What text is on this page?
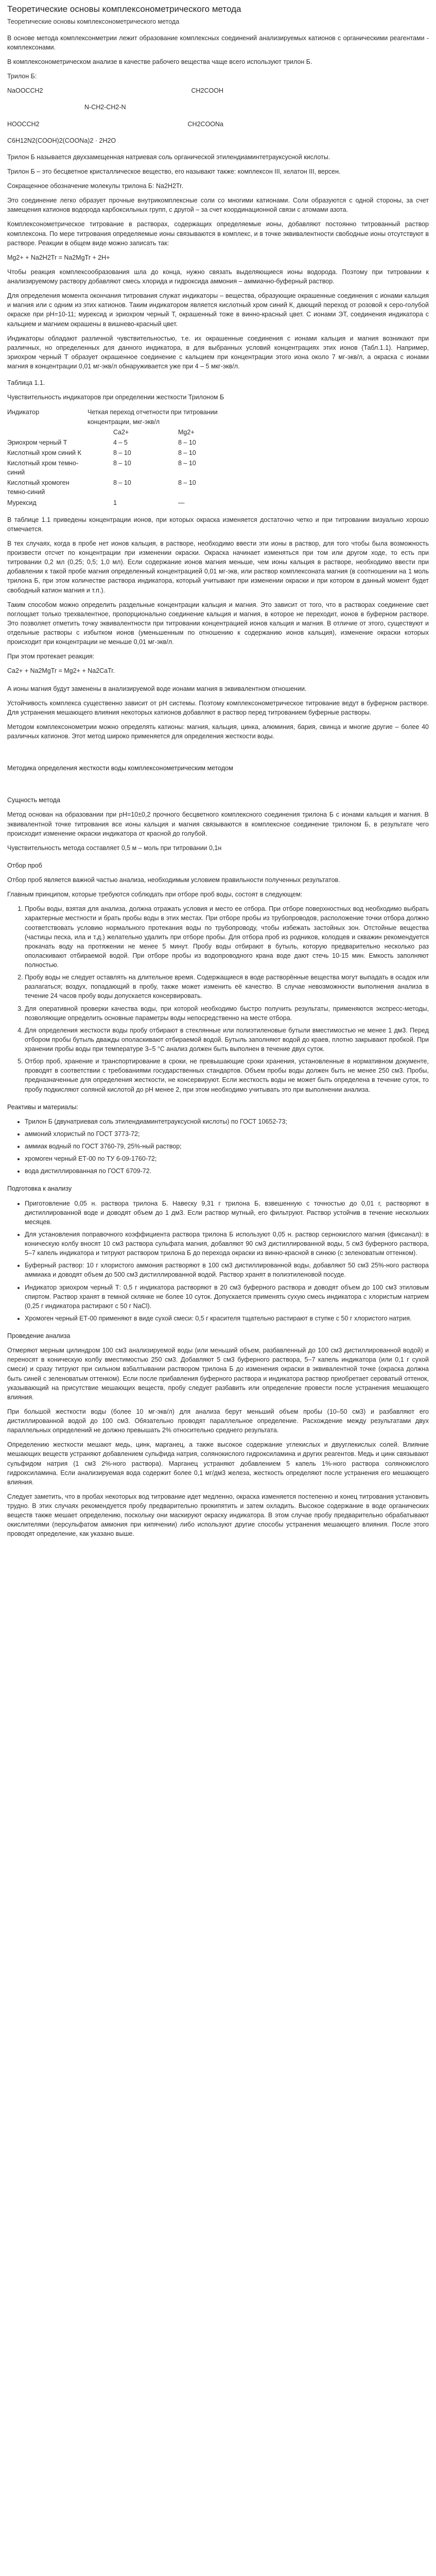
Теоретические основы комплексонометрического метода
Теоретические основы комплексонометрического метода

В основе метода комплексонметрии лежит образование комплексных соединений анализируемых катионов с органическими реагентами - комплексонами.

В комплексонометрическом анализе в качестве рабочего вещества чаще всего используют трилон Б.

Трилон Б:

NaOOCCH2	CH2COOH
N-CH2-CH2-N
HOOCCH2	CH2COONa
C6H12N2(COOH)2(COONa)2 · 2H2O

Трилон Б называется двухзамещенная натриевая соль органической этилендиаминтетрауксусной кислоты.

Трилон Б – это бесцветное кристаллическое вещество, его называют также: комплексон III, хелатон III, версен.

Сокращенное обозначение молекулы трилона Б: Na2H2Tr.

Это соединение легко образует прочные внутрикомплексные соли со многими катионами. Соли образуются с одной стороны, за счет замещения катионов водорода карбоксильных групп, с другой – за счет координационной связи с атомами азота.

Комплексонометрическое титрование в растворах, содержащих определяемые ионы, добавляют постоянно титрованный раствор комплексона. По мере титрования определяемые ионы связываются в комплекс, и в точке эквивалентности свободные ионы отсутствуют в растворе. Реакции в общем виде можно записать так:

Mg2+ + Na2H2Tr = Na2MgTr + 2H+

Чтобы реакция комплексообразования шла до конца, нужно связать выделяющиеся ионы водорода. Поэтому при титровании к анализируемому раствору добавляют смесь хлорида и гидроксида аммония – аммиачно-буферный раствор.

Для определения момента окончания титрования служат индикаторы – вещества, образующие окрашенные соединения с ионами кальция и магния или с одним из этих катионов. Таким индикатором является кислотный хром синий К, дающий переход от розовой к серо-голубой окраске при pH=10-11; мурексид и эриохром черный Т, окрашенный тоже в винно-красный цвет. С ионами ЭТ, соединения индикатора с кальцием и магнием окрашены в вишнево-красный цвет.

Индикаторы обладают различной чувствительностью, т.е. их окрашенные соединения с ионами кальция и магния возникают при различных, но определенных для данного индикатора, в для выбранных условий концентрациях этих ионов (Табл.1.1). Например, эриохром черный Т образует окрашенное соединение с кальцием при концентрации этого иона около 7 мг-экв/л, а окраска с ионами магния в концентрации 0,01 мг-экв/л обнаруживается уже при 4 – 5 мкг-экв/л.

Таблица 1.1.

Чувствительность индикаторов при определении жесткости Трилоном Б

Индикатор	Четкая переход отчетности при титровании концентрации, мкг-экв/л	
	Ca2+	Mg2+
Эриохром черный Т	4 – 5	8 – 10
Кислотный хром синий К	8 – 10	8 – 10
Кислотный хром темно-синий	8 – 10	8 – 10
Кислотный хромоген темно-синий	8 – 10	8 – 10
Мурексид	1	—

В таблице 1.1 приведены концентрации ионов, при которых окраска изменяется достаточно четко и при титровании визуально хорошо отмечается.

В тех случаях, когда в пробе нет ионов кальция, в растворе, необходимо ввести эти ионы в раствор, для того чтобы была возможность произвести отсчет по концентрации при изменении окраски. Окраска начинает изменяться при том или другом ходе, то есть при титровании 0,2 мл (0,25; 0,5; 1,0 мл). Если содержание ионов магния меньше, чем ионы кальция в растворе, необходимо ввести при добавлении к такой пробе магния определенный концентрацией 0,01 мг-экв, или раствор комплексоната магния (в соотношении на 1 моль трилона Б, при этом количестве раствора индикатора, который учитывают при изменении окраски и при котором в данный момент будет свободный катион магния и т.п.).

Таким способом можно определить раздельные концентрации кальция и магния. Это зависит от того, что в растворах соединение свет поглощает только трехвалентное, пропорционально соединение кальция и магния, в которое не переходит, ионов в буферном растворе. Это позволяет отметить точку эквивалентности при титровании концентрацией ионов кальция и магния. В отличие от этого, существуют и отдельные растворы с избытком ионов (уменьшенным по отношению к содержанию ионов кальция), изменение окраски которых происходит при концентрации не меньше 0,01 мг-экв/л.

При этом протекает реакция:

Ca2+ + Na2MgTr = Mg2+ + Na2CaTr.

А ионы магния будут заменены в анализируемой воде ионами магния в эквивалентном отношении.

Устойчивость комплекса существенно зависит от pH системы. Поэтому комплексонометрическое титрование ведут в буферном растворе. Для устранения мешающего влияния некоторых катионов добавляют в раствор перед титрованием буферные растворы.

Методом комплексонометрии можно определять катионы: магния, кальция, цинка, алюминия, бария, свинца и многие другие – более 40 различных катионов. Этот метод широко применяется для определения жесткости воды.

Методика определения жесткости воды комплексонометрическим методом

Сущность метода

Метод основан на образовании при pH=10±0,2 прочного бесцветного комплексного соединения трилона Б с ионами кальция и магния. В эквивалентной точке титрования все ионы кальция и магния связываются в комплексное соединение трилоном Б, в результате чего происходит изменение окраски индикатора от красной до голубой.

Чувствительность метода составляет 0,5 м – моль при титровании 0,1н

Отбор проб

Отбор проб является важной частью анализа, необходимым условием правильности полученных результатов.

Главным принципом, которые требуются соблюдать при отборе проб воды, состоят в следующем:

1. Пробы воды, взятая для анализа, должна отражать условия и место ее отбора. При отборе поверхностных вод необходимо выбрать характерные местности и брать пробы воды в этих местах. При отборе пробы из трубопроводов, расположение точки отбора должно соответствовать условию нормального протекания воды по трубопроводу, чтобы избежать застойных зон. Отстойные вещества (частицы песка, ила и т.д.) желательно удалить при отборе пробы. Для отбора проб из родников, колодцев и скважин рекомендуется прокачать воду на протяжении не менее 5 минут. Пробу воды отбирают в бутыль, которую предварительно несколько раз ополаскивают отбираемой водой. При отборе пробы из водопроводного крана воде дают стечь 10-15 мин. Емкость заполняют полностью.
2. Пробу воды не следует оставлять на длительное время. Содержащиеся в воде растворённые вещества могут выпадать в осадок или разлагаться; воздух, попадающий в пробу, также может изменить её качество. В случае невозможности выполнения анализа в течение 24 часов пробу воды допускается консервировать.
3. Для оперативной проверки качества воды, при которой необходимо быстро получить результаты, применяются экспресс-методы, позволяющие определить основные параметры воды непосредственно на месте отбора.
4. Для определения жесткости воды пробу отбирают в стеклянные или полиэтиленовые бутыли вместимостью не менее 1 дм3. Перед отбором пробы бутыль дважды ополаскивают отбираемой водой. Бутыль заполняют водой до краев, плотно закрывают пробкой. При хранении пробы воды при температуре 3–5 °С анализ должен быть выполнен в течение двух суток.
5. Отбор проб, хранение и транспортирование в сроки, не превышающие сроки хранения, установленные в нормативном документе, проводят в соответствии с требованиями государственных стандартов. Объем пробы воды должен быть не менее 250 см3. Пробы, предназначенные для определения жесткости, не консервируют. Если жесткость воды не может быть определена в течение суток, то пробу подкисляют соляной кислотой до pH менее 2, при этом необходимо учитывать это при выполнении анализа.

Реактивы и материалы:

• Трилон Б (двунатриевая соль этилендиаминтетрауксусной кислоты) по ГОСТ 10652-73;
• аммоний хлористый по ГОСТ 3773-72;
• аммиак водный по ГОСТ 3760-79, 25%-ный раствор;
• хромоген черный ЕТ-00 по ТУ 6-09-1760-72;
• вода дистиллированная по ГОСТ 6709-72.

Подготовка к анализу

• Приготовление 0,05 н. раствора трилона Б. Навеску 9,31 г трилона Б, взвешенную с точностью до 0,01 г, растворяют в дистиллированной воде и доводят объем до 1 дм3. Если раствор мутный, его фильтруют. Раствор устойчив в течение нескольких месяцев.
• Для установления поправочного коэффициента раствора трилона Б используют 0,05 н. раствор сернокислого магния (фиксанал): в коническую колбу вносят 10 см3 раствора сульфата магния, добавляют 90 см3 дистиллированной воды, 5 см3 буферного раствора, 5–7 капель индикатора и титруют раствором трилона Б до перехода окраски из винно-красной в синюю (с зеленоватым оттенком).
• Буферный раствор: 10 г хлористого аммония растворяют в 100 см3 дистиллированной воды, добавляют 50 см3 25%-ного раствора аммиака и доводят объем до 500 см3 дистиллированной водой. Раствор хранят в полиэтиленовой посуде.
• Индикатор эриохром черный Т: 0,5 г индикатора растворяют в 20 см3 буферного раствора и доводят объем до 100 см3 этиловым спиртом. Раствор хранят в темной склянке не более 10 суток. Допускается применять сухую смесь индикатора с хлористым натрием (0,25 г индикатора растирают с 50 г NaCl).
• Хромоген черный ЕТ-00 применяют в виде сухой смеси: 0,5 г красителя тщательно растирают в ступке с 50 г хлористого натрия.

Проведение анализа

Отмеряют мерным цилиндром 100 см3 анализируемой воды (или меньший объем, разбавленный до 100 см3 дистиллированной водой) и переносят в коническую колбу вместимостью 250 см3. Добавляют 5 см3 буферного раствора, 5–7 капель индикатора (или 0,1 г сухой смеси) и сразу титруют при сильном взбалтывании раствором трилона Б до изменения окраски в эквивалентной точке (окраска должна быть синей с зеленоватым оттенком). Если после прибавления буферного раствора и индикатора раствор приобретает сероватый оттенок, указывающий на присутствие мешающих веществ, пробу следует разбавить или определение провести после устранения мешающего влияния.

При большой жесткости воды (более 10 мг-экв/л) для анализа берут меньший объем пробы (10–50 см3) и разбавляют его дистиллированной водой до 100 см3. Обязательно проводят параллельное определение. Расхождение между результатами двух параллельных определений не должно превышать 2% относительно среднего результата.

Определению жесткости мешают медь, цинк, марганец, а также высокое содержание углекислых и двууглекислых солей. Влияние мешающих веществ устраняют добавлением сульфида натрия, солянокислого гидроксиламина и других реагентов. Медь и цинк связывают сульфидом натрия (1 см3 2%-ного раствора). Марганец устраняют добавлением 5 капель 1%-ного раствора солянокислого гидроксиламина. Если анализируемая вода содержит более 0,1 мг/дм3 железа, жесткость определяют после устранения его мешающего влияния.

Следует заметить, что в пробах некоторых вод титрование идет медленно, окраска изменяется постепенно и конец титрования установить трудно. В этих случаях рекомендуется пробу предварительно прокипятить и затем охладить. Высокое содержание в воде органических веществ также мешает определению, поскольку они маскируют окраску индикатора. В этом случае пробу предварительно обрабатывают окислителями (персульфатом аммония при кипячении) либо используют другие способы устранения мешающего влияния. После этого проводят определение, как указано выше.
